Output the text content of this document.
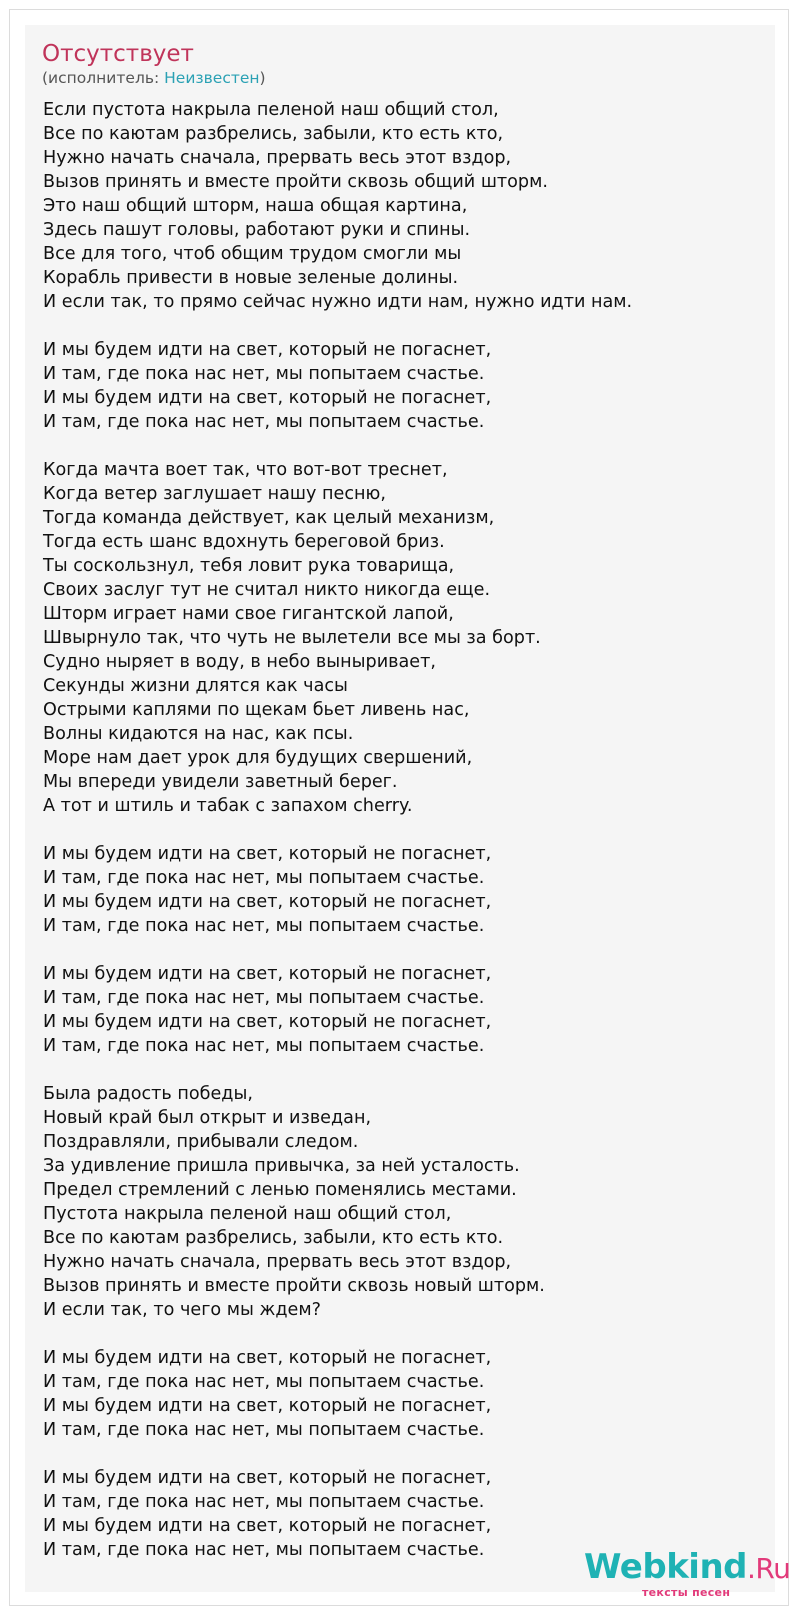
Отсутствует
(исполнитель: Неизвестен)
Если пустота накрыла пеленой наш общий стол,
Все по каютам разбрелись, забыли, кто есть кто,
Нужно начать сначала, прервать весь этот вздор,
Вызов принять и вместе пройти сквозь общий шторм.
Это наш общий шторм, наша общая картина,
Здесь пашут головы, работают руки и спины.
Все для того, чтоб общим трудом смогли мы
Корабль привести в новые зеленые долины.
И если так, то прямо сейчас нужно идти нам, нужно идти нам.
И мы будем идти на свет, который не погаснет,
И там, где пока нас нет, мы попытаем счастье.
И мы будем идти на свет, который не погаснет,
И там, где пока нас нет, мы попытаем счастье.
Когда мачта воет так, что вот-вот треснет,
Когда ветер заглушает нашу песню,
Тогда команда действует, как целый механизм,
Тогда есть шанс вдохнуть береговой бриз.
Ты соскользнул, тебя ловит рука товарища,
Своих заслуг тут не считал никто никогда еще.
Шторм играет нами свое гигантской лапой,
Швырнуло так, что чуть не вылетели все мы за борт.
Судно ныряет в воду, в небо выныривает,
Секунды жизни длятся как часы
Острыми каплями по щекам бьет ливень нас,
Волны кидаются на нас, как псы.
Море нам дает урок для будущих свершений,
Мы впереди увидели заветный берег.
А тот и штиль и табак с запахом cherry.
И мы будем идти на свет, который не погаснет,
И там, где пока нас нет, мы попытаем счастье.
И мы будем идти на свет, который не погаснет,
И там, где пока нас нет, мы попытаем счастье.
И мы будем идти на свет, который не погаснет,
И там, где пока нас нет, мы попытаем счастье.
И мы будем идти на свет, который не погаснет,
И там, где пока нас нет, мы попытаем счастье.
Была радость победы,
Новый край был открыт и изведан,
Поздравляли, прибывали следом.
За удивление пришла привычка, за ней усталость.
Предел стремлений с ленью поменялись местами.
Пустота накрыла пеленой наш общий стол,
Все по каютам разбрелись, забыли, кто есть кто.
Нужно начать сначала, прервать весь этот вздор,
Вызов принять и вместе пройти сквозь новый шторм.
И если так, то чего мы ждем?
И мы будем идти на свет, который не погаснет,
И там, где пока нас нет, мы попытаем счастье.
И мы будем идти на свет, который не погаснет,
И там, где пока нас нет, мы попытаем счастье.
И мы будем идти на свет, который не погаснет,
И там, где пока нас нет, мы попытаем счастье.
И мы будем идти на свет, который не погаснет,
И там, где пока нас нет, мы попытаем счастье.	Webkind.Ru
тексты песен
